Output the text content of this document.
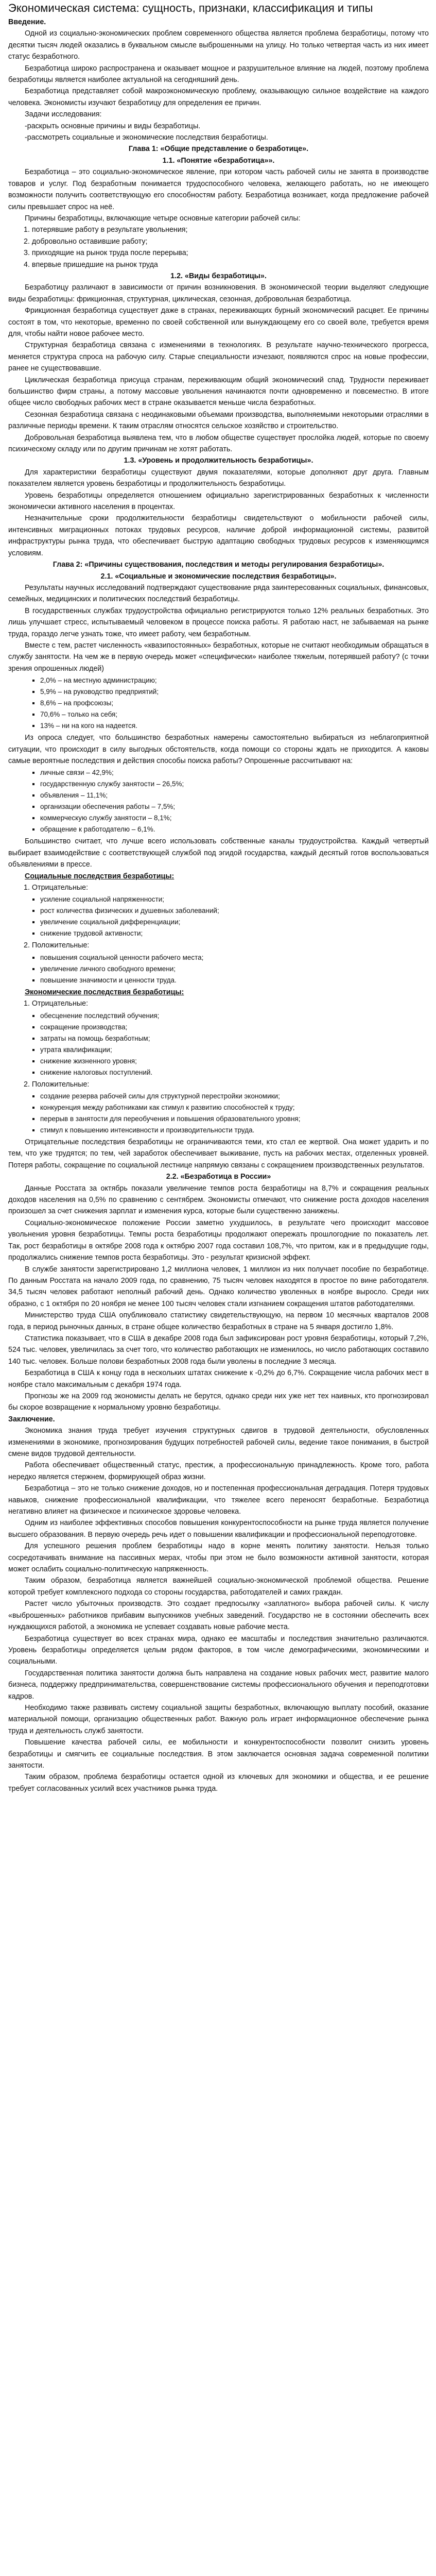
Экономическая система: сущность, признаки, классификация и типы

Введение.

Одной из социально-экономических проблем современного общества является проблема безработицы, потому что десятки тысяч людей оказались в буквальном смысле выброшенными на улицу. Но только четвертая часть из них имеет статус безработного.

Безработица широко распространена и оказывает мощное и разрушительное влияние на людей, поэтому проблема безработицы является наиболее актуальной на сегодняшний день.

Безработица представляет собой макроэкономическую проблему, оказывающую сильное воздействие на каждого человека. Экономисты изучают безработицу для определения ее причин.

Задачи исследования:

-раскрыть основные причины и виды безработицы.

-рассмотреть социальные и экономические последствия безработицы.

Глава 1: «Общие представление о безработице».

1.1. «Понятие «безработица»».

Безработица – это социально-экономическое явление, при котором часть рабочей силы не занята в производстве товаров и услуг. Под безработным понимается трудоспособного человека, желающего работать, но не имеющего возможности получить соответствующую его способностям работу. Безработица возникает, когда предложение рабочей силы превышает спрос на неё.

Причины безработицы, включающие четыре основные категории рабочей силы:

1. потерявшие работу в результате увольнения;
2. добровольно оставившие работу;
3. приходящие на рынок труда после перерыва;
4. впервые пришедшие на рынок труда

1.2. «Виды безработицы».

Безработицу различают в зависимости от причин возникновения. В экономической теории выделяют следующие виды безработицы: фрикционная, структурная, циклическая, сезонная, добровольная безработица.

Фрикционная безработица существует даже в странах, переживающих бурный экономический расцвет. Ее причины состоят в том, что некоторые, временно по своей собственной или вынуждающему его со своей воле, требуется время для, чтобы найти новое рабочее место.

Структурная безработица связана с изменениями в технологиях. В результате научно-технического прогресса, меняется структура спроса на рабочую силу. Старые специальности изчезают, появляются спрос на новые профессии, ранее не существовавшие.

Циклическая безработица присуща странам, переживающим общий экономический спад. Трудности переживает большинство фирм страны, а потому массовые увольнения начинаются почти одновременно и повсеместно. В итоге общее число свободных рабочих мест в стране оказывается меньше числа безработных.

Сезонная безработица связана с неодинаковыми объемами производства, выполняемыми некоторыми отраслями в различные периоды времени. К таким отраслям относятся сельское хозяйство и строительство.

Добровольная безработица выявлена тем, что в любом обществе существует прослойка людей, которые по своему психическому складу или по другим причинам не хотят работать.

1.3. «Уровень и продолжительность безработицы».

Для характеристики безработицы существуют двумя показателями, которые дополняют друг друга. Главным показателем является уровень безработицы и продолжительность безработицы.

Уровень безработицы определяется отношением официально зарегистрированных безработных к численности экономически активного населения в процентах.

Незначительные сроки продолжительности безработицы свидетельствуют о мобильности рабочей силы, интенсивных миграционных потоках трудовых ресурсов, наличие доброй информационной системы, развитой инфраструктуры рынка труда, что обеспечивает быструю адаптацию свободных трудовых ресурсов к изменяющимся условиям.

Глава 2: «Причины существования, последствия и методы регулирования безработицы».

2.1. «Социальные и экономические последствия безработицы».

Результаты научных исследований подтверждают существование ряда заинтересованных социальных, финансовых, семейных, медицинских и политических последствий безработицы.

В государственных службах трудоустройства официально регистрируются только 12% реальных безработных. Это лишь улучшает стресс, испытываемый человеком в процессе поиска работы. Я работаю наст, не забываемая на рынке труда, гораздо легче узнать тоже, что имеет работу, чем безработным.

Вместе с тем, растет численность «квазипостоянных» безработных, которые не считают необходимым обращаться в службу занятости. На чем же в первую очередь может «специфически» наиболее тяжелым, потерявшей работу? (с точки зрения опрошенных людей)

▪ 2,0% – на местную администрацию;
▪ 5,9% – на руководство предприятий;
▪ 8,6% – на профсоюзы;
▪ 70,6% – только на себя;
▪ 13% – ни на кого на надеется.

Из опроса следует, что большинство безработных намерены самостоятельно выбираться из неблагоприятной ситуации, что происходит в силу выгодных обстоятельств, когда помощи со стороны ждать не приходится. А каковы самые вероятные последствия и действия способы поиска работы? Опрошенные рассчитывают на:

▪ личные связи – 42,9%;
▪ государственную службу занятости – 26,5%;
▪ объявления – 11,1%;
▪ организации обеспечения работы – 7,5%;
▪ коммерческую службу занятости – 8,1%;
▪ обращение к работодателю – 6,1%.

Большинство считает, что лучше всего использовать собственные каналы трудоустройства. Каждый четвертый выбирает взаимодействие с соответствующей службой под эгидой государства, каждый десятый готов воспользоваться объявлениями в прессе.

Социальные последствия безработицы:

1. Отрицательные:
▪ усиление социальной напряженности;
▪ рост количества физических и душевных заболеваний;
▪ увеличение социальной дифференциации;
▪ снижение трудовой активности;
2. Положительные:
▪ повышения социальной ценности рабочего места;
▪ увеличение личного свободного времени;
▪ повышение значимости и ценности труда.

Экономические последствия безработицы:

1. Отрицательные:
▪ обесценение последствий обучения;
▪ сокращение производства;
▪ затраты на помощь безработным;
▪ утрата квалификации;
▪ снижение жизненного уровня;
▪ снижение налоговых поступлений.
2. Положительные:
▪ создание резерва рабочей силы для структурной перестройки экономики;
▪ конкуренция между работниками как стимул к развитию способностей к труду;
▪ перерыв в занятости для переобучения и повышения образовательного уровня;
▪ стимул к повышению интенсивности и производительности труда.

Отрицательные последствия безработицы не ограничиваются теми, кто стал ее жертвой. Она может ударить и по тем, что уже трудятся; по тем, чей заработок обеспечивает выживание, пусть на рабочих местах, отделенных уровней. Потеря работы, сокращение по социальной лестнице напрямую связаны с сокращением производственных результатов.

2.2. «Безработица в России»

Данные Росстата за октябрь показали увеличение темпов роста безработицы на 8,7% и сокращения реальных доходов населения на 0,5% по сравнению с сентябрем. Экономисты отмечают, что снижение роста доходов населения произошел за счет снижения зарплат и изменения курса, которые были существенно занижены.

Социально-экономическое положение России заметно ухудшилось, в результате чего происходит массовое увольнения уровня безработицы. Темпы роста безработицы продолжают опережать прошлогодние по показатель лет. Так, рост безработицы в октябре 2008 года к октябрю 2007 года составил 108,7%, что притом, как и в предыдущие годы, продолжались снижение темпов роста безработицы. Это - результат кризисной эффект.

В службе занятости зарегистрировано 1,2 миллиона человек, 1 миллион из них получает пособие по безработице. По данным Росстата на начало 2009 года, по сравнению, 75 тысяч человек находятся в простое по вине работодателя. 34,5 тысяч человек работают неполный рабочий день. Однако количество уволенных в ноябре выросло. Среди них образно, с 1 октября по 20 ноября не менее 100 тысяч человек стали изгнанием сокращения штатов работодателями.

Министерство труда США опубликовало статистику свидетельствующую, на первом 10 месячных кварталов 2008 года, в период рыночных данных, в стране общее количество безработных в стране на 5 января достигло 1,8%.

Статистика показывает, что в США в декабре 2008 года был зафиксирован рост уровня безработицы, который 7,2%, 524 тыс. человек, увеличилась за счет того, что количество работающих не изменилось, но число работающих составило 140 тыс. человек. Больше полови безработных 2008 года были уволены в последние 3 месяца.

Безработица в США к концу года в нескольких штатах снижение к -0,2% до 6,7%. Сокращение числа рабочих мест в ноябре стало максимальным с декабря 1974 года.

Прогнозы же на 2009 год экономисты делать не берутся, однако среди них уже нет тех наивных, кто прогнозировал бы скорое возвращение к нормальному уровню безработицы.

Заключение.

Экономика знания труда требует изучения структурных сдвигов в трудовой деятельности, обусловленных изменениями в экономике, прогнозирования будущих потребностей рабочей силы, ведение такое понимания, в быстрой смене видов трудовой деятельности.

Работа обеспечивает общественный статус, престиж, а профессиональную принадлежность. Кроме того, работа нередко является стержнем, формирующей образ жизни.

Безработица – это не только снижение доходов, но и постепенная профессиональная деградация. Потеря трудовых навыков, снижение профессиональной квалификации, что тяжелее всего переносят безработные. Безработица негативно влияет на физическое и психическое здоровье человека.

Одним из наиболее эффективных способов повышения конкурентоспособности на рынке труда является получение высшего образования. В первую очередь речь идет о повышении квалификации и профессиональной переподготовке.

Для успешного решения проблем безработицы надо в корне менять политику занятости. Нельзя только сосредотачивать внимание на пассивных мерах, чтобы при этом не было возможности активной занятости, которая может ослабить социально-политическую напряженность.

Таким образом, безработица является важнейшей социально-экономической проблемой общества. Решение которой требует комплексного подхода со стороны государства, работодателей и самих граждан.

Растет число убыточных производств. Это создает предпосылку «заплатного» выбора рабочей силы. К числу «выброшенных» работников прибавим выпускников учебных заведений. Государство не в состоянии обеспечить всех нуждающихся работой, а экономика не успевает создавать новые рабочие места.

Безработица существует во всех странах мира, однако ее масштабы и последствия значительно различаются. Уровень безработицы определяется целым рядом факторов, в том числе демографическими, экономическими и социальными.

Государственная политика занятости должна быть направлена на создание новых рабочих мест, развитие малого бизнеса, поддержку предпринимательства, совершенствование системы профессионального обучения и переподготовки кадров.

Необходимо также развивать систему социальной защиты безработных, включающую выплату пособий, оказание материальной помощи, организацию общественных работ. Важную роль играет информационное обеспечение рынка труда и деятельность служб занятости.

Повышение качества рабочей силы, ее мобильности и конкурентоспособности позволит снизить уровень безработицы и смягчить ее социальные последствия. В этом заключается основная задача современной политики занятости.

Таким образом, проблема безработицы остается одной из ключевых для экономики и общества, и ее решение требует согласованных усилий всех участников рынка труда.
